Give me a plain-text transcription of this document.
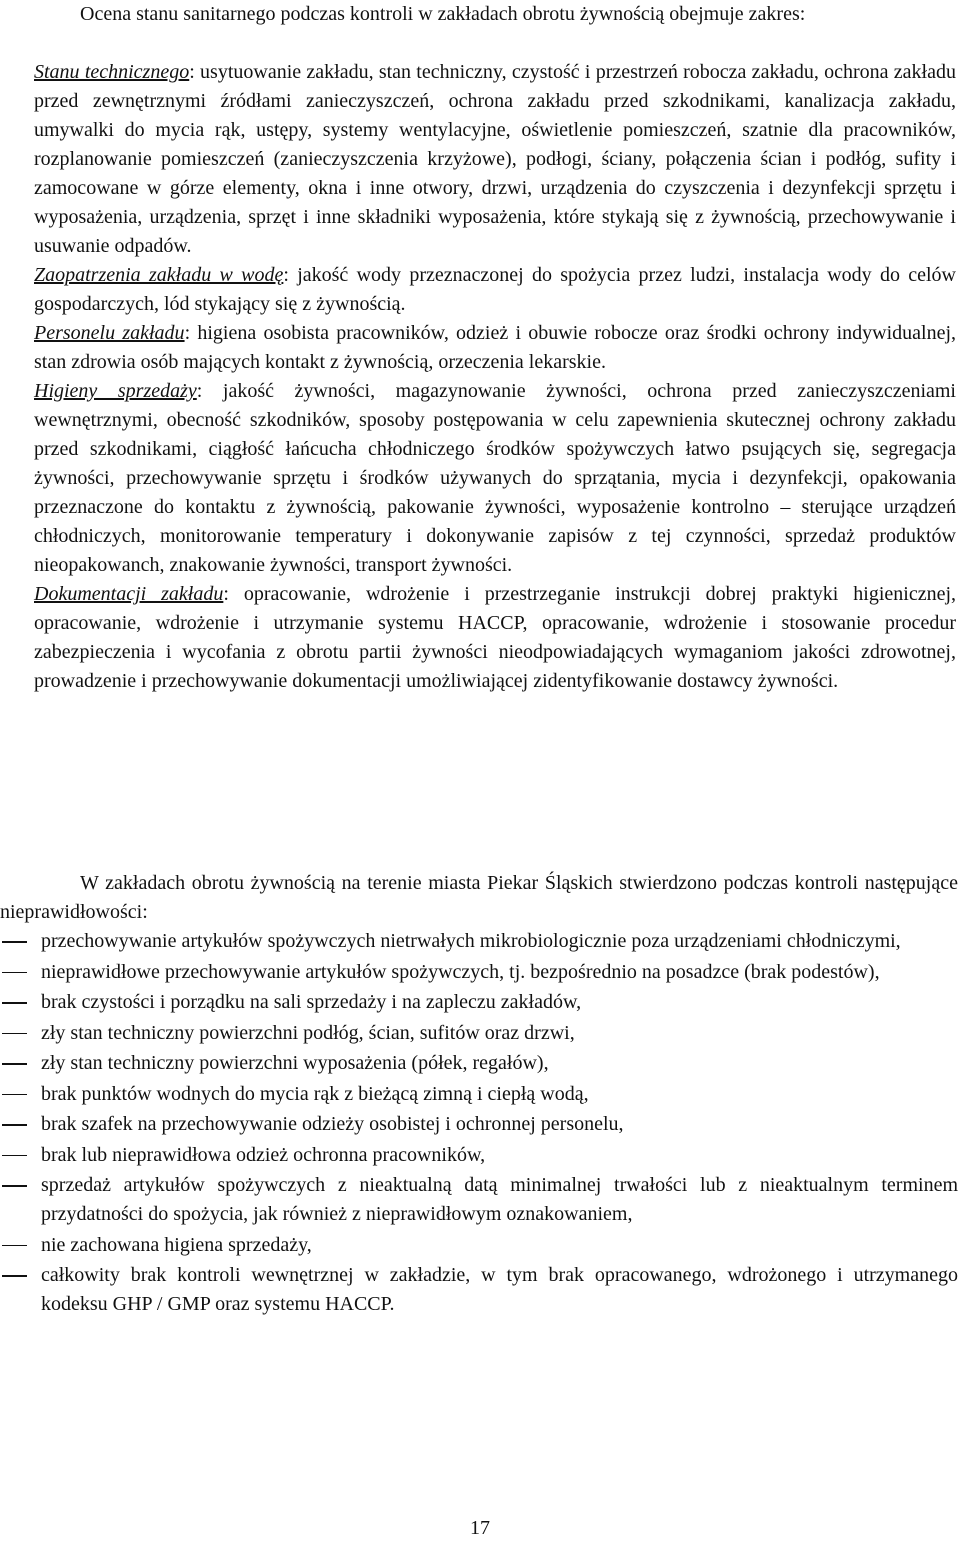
Ocena stanu sanitarnego podczas kontroli w zakładach obrotu żywnością obejmuje zakres:

Stanu technicznego: usytuowanie zakładu, stan techniczny, czystość i przestrzeń robocza zakładu, ochrona zakładu przed zewnętrznymi źródłami zanieczyszczeń, ochrona zakładu przed szkodnikami, kanalizacja zakładu, umywalki do mycia rąk, ustępy, systemy wentylacyjne, oświetlenie pomieszczeń, szatnie dla pracowników, rozplanowanie pomieszczeń (zanieczyszczenia krzyżowe), podłogi, ściany, połączenia ścian i podłóg, sufity i zamocowane w górze elementy, okna i inne otwory, drzwi, urządzenia do czyszczenia i dezynfekcji sprzętu i wyposażenia, urządzenia, sprzęt i inne składniki wyposażenia, które stykają się z żywnością, przechowywanie i usuwanie odpadów.

Zaopatrzenia zakładu w wodę: jakość wody przeznaczonej do spożycia przez ludzi, instalacja wody do celów gospodarczych, lód stykający się z żywnością.

Personelu zakładu: higiena osobista pracowników, odzież i obuwie robocze oraz środki ochrony indywidualnej, stan zdrowia osób mających kontakt z żywnością, orzeczenia lekarskie.

Higieny sprzedaży: jakość żywności, magazynowanie żywności, ochrona przed zanieczyszczeniami wewnętrznymi, obecność szkodników, sposoby postępowania w celu zapewnienia skutecznej ochrony zakładu przed szkodnikami, ciągłość łańcucha chłodniczego środków spożywczych łatwo psujących się, segregacja żywności, przechowywanie sprzętu i środków używanych do sprzątania, mycia i dezynfekcji, opakowania przeznaczone do kontaktu z żywnością, pakowanie żywności, wyposażenie kontrolno – sterujące urządzeń chłodniczych, monitorowanie temperatury i dokonywanie zapisów z tej czynności, sprzedaż produktów nieopakowanch, znakowanie żywności, transport żywności.

Dokumentacji zakładu: opracowanie, wdrożenie i przestrzeganie instrukcji dobrej praktyki higienicznej, opracowanie, wdrożenie i utrzymanie systemu HACCP, opracowanie, wdrożenie i stosowanie procedur zabezpieczenia i wycofania z obrotu partii żywności nieodpowiadających wymaganiom jakości zdrowotnej, prowadzenie i przechowywanie dokumentacji umożliwiającej zidentyfikowanie dostawcy żywności.

W zakładach obrotu żywnością na terenie miasta Piekar Śląskich stwierdzono podczas kontroli następujące nieprawidłowości:

przechowywanie artykułów spożywczych nietrwałych mikrobiologicznie poza urządzeniami chłodniczymi,
nieprawidłowe przechowywanie artykułów spożywczych, tj. bezpośrednio na posadzce (brak podestów),
brak czystości i porządku na sali sprzedaży i na zapleczu zakładów,
zły stan techniczny powierzchni podłóg, ścian, sufitów oraz drzwi,
zły stan techniczny powierzchni wyposażenia (półek, regałów),
brak punktów wodnych do mycia rąk z bieżącą zimną i ciepłą wodą,
brak szafek na przechowywanie odzieży osobistej i ochronnej personelu,
brak lub nieprawidłowa odzież ochronna pracowników,
sprzedaż artykułów spożywczych z nieaktualną datą minimalnej trwałości lub z nieaktualnym terminem przydatności do spożycia, jak również z nieprawidłowym oznakowaniem,
nie zachowana higiena sprzedaży,
całkowity brak kontroli wewnętrznej w zakładzie, w tym brak opracowanego, wdrożonego i utrzymanego kodeksu GHP / GMP oraz systemu HACCP.
17
